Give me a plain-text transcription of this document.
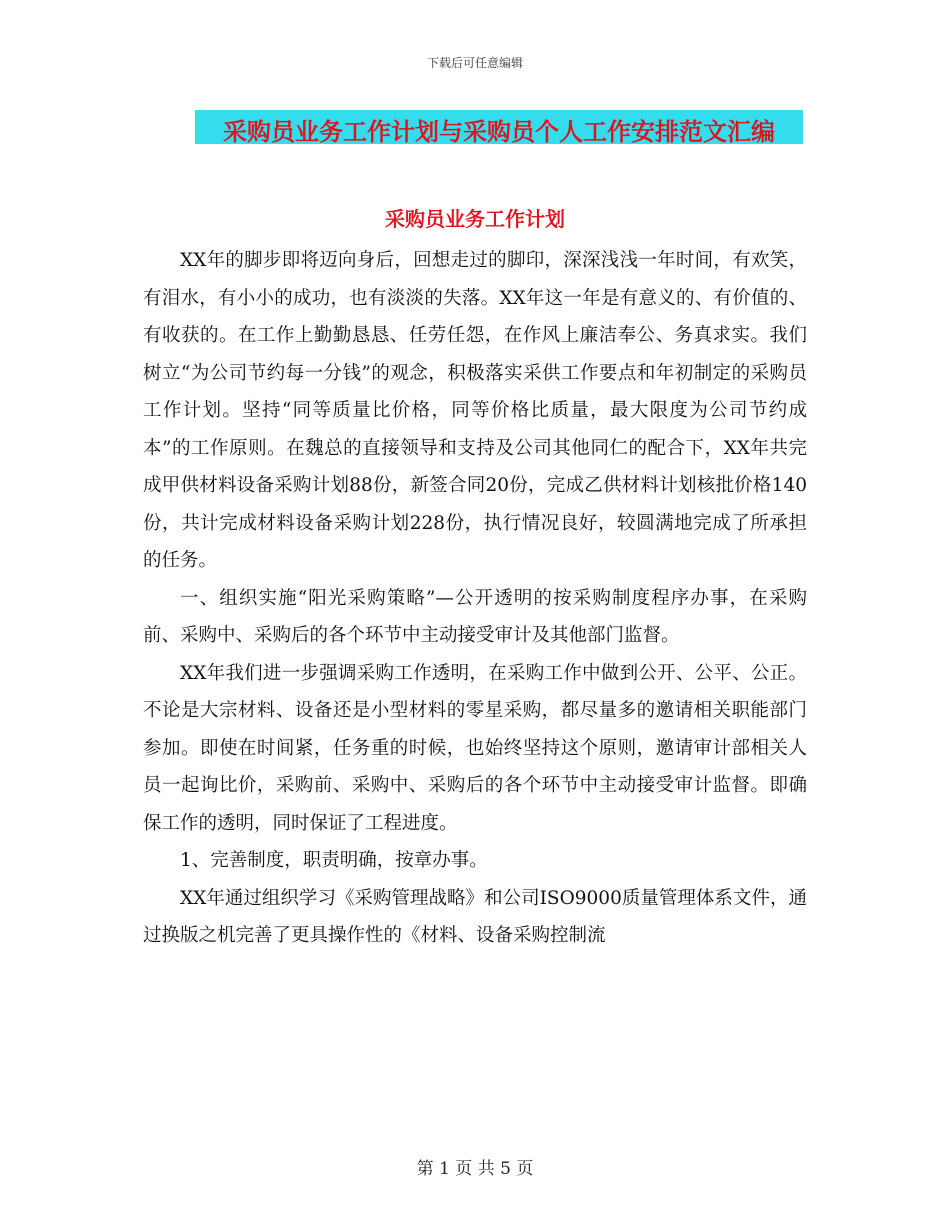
下载后可任意编辑
采购员业务工作计划与采购员个人工作安排范文汇编
采购员业务工作计划

XX年的脚步即将迈向身后，回想走过的脚印，深深浅浅一年时间，有欢笑，有泪水，有小小的成功，也有淡淡的失落。XX年这一年是有意义的、有价值的、有收获的。在工作上勤勤恳恳、任劳任怨，在作风上廉洁奉公、务真求实。我们树立“为公司节约每一分钱”的观念，积极落实采供工作要点和年初制定的采购员工作计划。坚持“同等质量比价格，同等价格比质量，最大限度为公司节约成本”的工作原则。在魏总的直接领导和支持及公司其他同仁的配合下，XX年共完成甲供材料设备采购计划88份，新签合同20份，完成乙供材料计划核批价格140份，共计完成材料设备采购计划228份，执行情况良好，较圆满地完成了所承担的任务。

一、组织实施“阳光采购策略”—公开透明的按采购制度程序办事，在采购前、采购中、采购后的各个环节中主动接受审计及其他部门监督。

XX年我们进一步强调采购工作透明，在采购工作中做到公开、公平、公正。不论是大宗材料、设备还是小型材料的零星采购，都尽量多的邀请相关职能部门参加。即使在时间紧，任务重的时候，也始终坚持这个原则，邀请审计部相关人员一起询比价，采购前、采购中、采购后的各个环节中主动接受审计监督。即确保工作的透明，同时保证了工程进度。

1、完善制度，职责明确，按章办事。

XX年通过组织学习《采购管理战略》和公司ISO9000质量管理体系文件，通过换版之机完善了更具操作性的《材料、设备采购控制流

第 1 页 共 5 页
